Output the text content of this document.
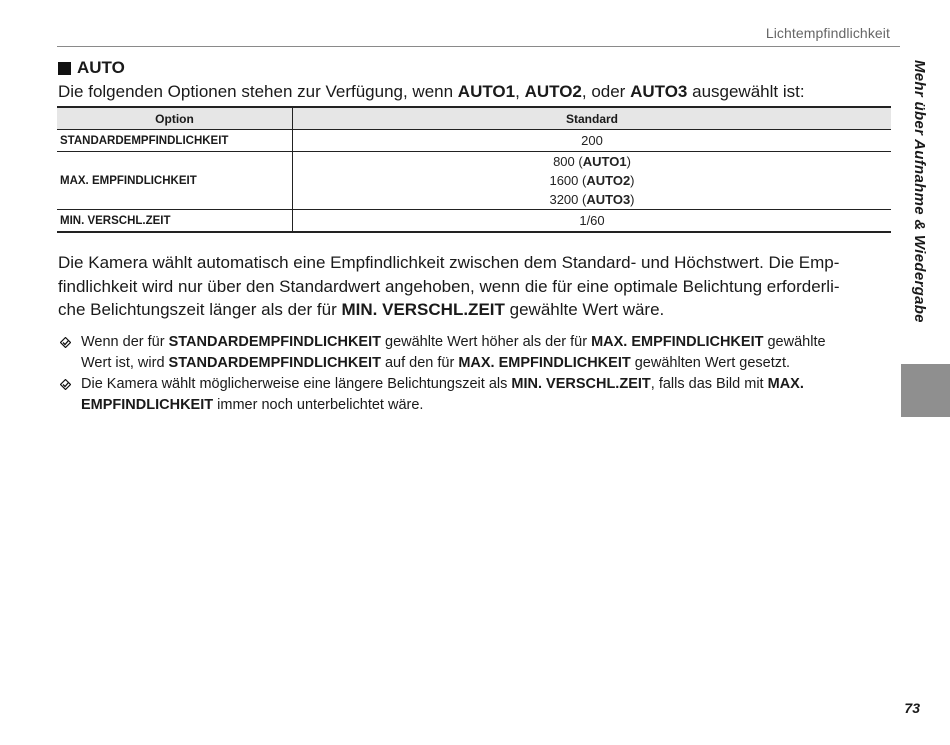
Lichtempfindlichkeit
AUTO
Die folgenden Optionen stehen zur Verfügung, wenn AUTO1, AUTO2, oder AUTO3 ausgewählt ist:
Option	Standard
STANDARDEMPFINDLICHKEIT	200
MAX. EMPFINDLICHKEIT	800 (AUTO1)
1600 (AUTO2)
3200 (AUTO3)

MIN. VERSCHL.ZEIT	1/60
Die Kamera wählt automatisch eine Empfindlichkeit zwischen dem Standard- und Höchstwert. Die Emp-
findlichkeit wird nur über den Standardwert angehoben, wenn die für eine optimale Belichtung erforderli-
che Belichtungszeit länger als der für MIN. VERSCHL.ZEIT gewählte Wert wäre.
Wenn der für STANDARDEMPFINDLICHKEIT gewählte Wert höher als der für MAX. EMPFINDLICHKEIT gewählte
Wert ist, wird STANDARDEMPFINDLICHKEIT auf den für MAX. EMPFINDLICHKEIT gewählten Wert gesetzt.
Die Kamera wählt möglicherweise eine längere Belichtungszeit als MIN. VERSCHL.ZEIT, falls das Bild mit MAX.
EMPFINDLICHKEIT immer noch unterbelichtet wäre.
Mehr über Aufnahme & Wiedergabe
73
